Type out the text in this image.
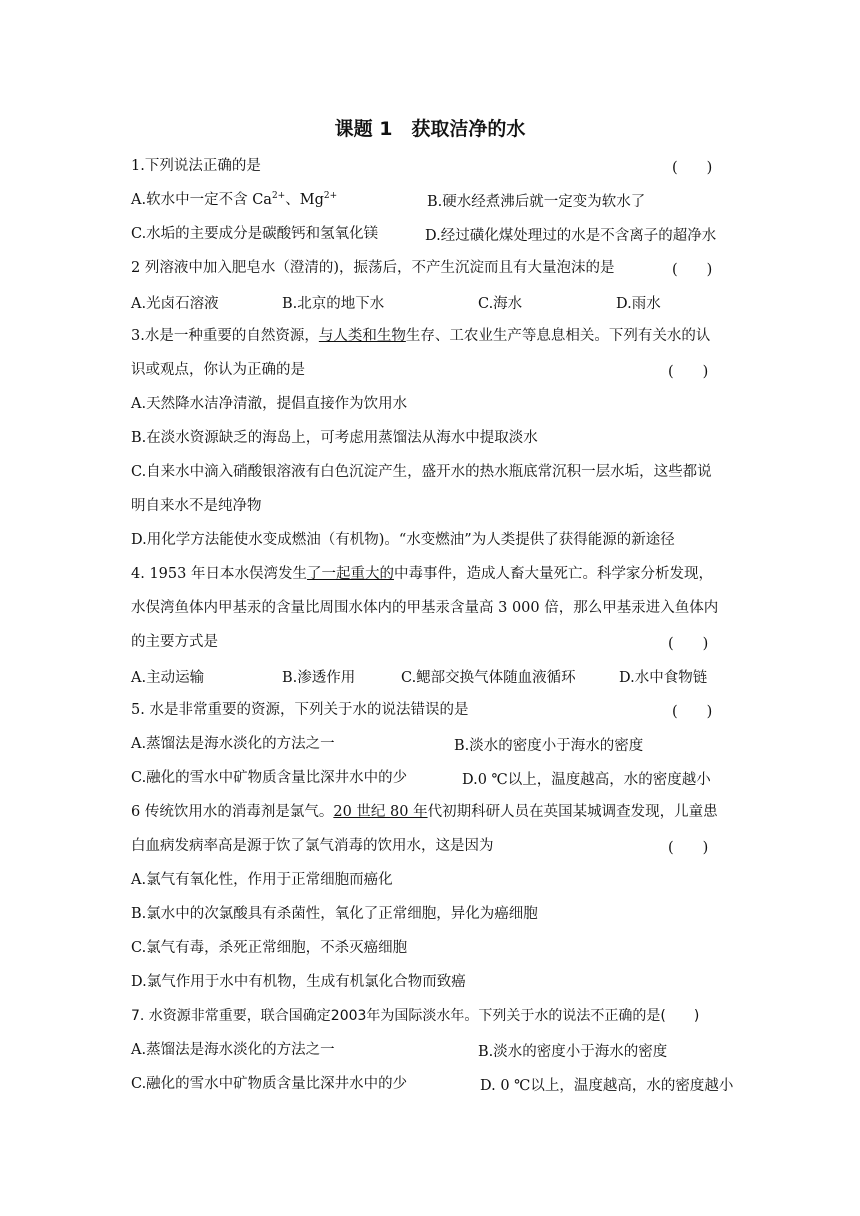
课题 1　获取洁净的水
1.下列说法正确的是	(　　)
A.软水中一定不含 $Ca^{2+}$、$Mg^{2+}$	B.硬水经煮沸后就一定变为软水了
C.水垢的主要成分是碳酸钙和氢氧化镁	D.经过磺化煤处理过的水是不含离子的超净水
2 列溶液中加入肥皂水（澄清的)，振荡后，不产生沉淀而且有大量泡沫的是	(　　)
A.光卤石溶液	B.北京的地下水	C.海水	D.雨水
3.水是一种重要的自然资源，与人类和生物生存、工农业生产等息息相关。下列有关水的认
识或观点，你认为正确的是	(　　)
A.天然降水洁净清澈，提倡直接作为饮用水
B.在淡水资源缺乏的海岛上，可考虑用蒸馏法从海水中提取淡水
C.自来水中滴入硝酸银溶液有白色沉淀产生，盛开水的热水瓶底常沉积一层水垢，这些都说
明自来水不是纯净物
D.用化学方法能使水变成燃油（有机物)。“水变燃油”为人类提供了获得能源的新途径
4. 1953 年日本水俣湾发生了一起重大的中毒事件，造成人畜大量死亡。科学家分析发现，
水俣湾鱼体内甲基汞的含量比周围水体内的甲基汞含量高 3 000 倍，那么甲基汞进入鱼体内
的主要方式是	(　　)
A.主动运输	B.渗透作用	C.鳃部交换气体随血液循环	D.水中食物链
5. 水是非常重要的资源，下列关于水的说法错误的是	(　　)
A.蒸馏法是海水淡化的方法之一	B.淡水的密度小于海水的密度
C.融化的雪水中矿物质含量比深井水中的少	D.0 ℃以上，温度越高，水的密度越小
6 传统饮用水的消毒剂是氯气。20 世纪 80 年代初期科研人员在英国某城调查发现，儿童患
白血病发病率高是源于饮了氯气消毒的饮用水，这是因为	(　　)
A.氯气有氧化性，作用于正常细胞而癌化
B.氯水中的次氯酸具有杀菌性，氧化了正常细胞，异化为癌细胞
C.氯气有毒，杀死正常细胞，不杀灭癌细胞
D.氯气作用于水中有机物，生成有机氯化合物而致癌
7. 水资源非常重要，联合国确定2003年为国际淡水年。下列关于水的说法不正确的是(　　)
A.蒸馏法是海水淡化的方法之一	B.淡水的密度小于海水的密度
C.融化的雪水中矿物质含量比深井水中的少	D. 0 ℃以上，温度越高，水的密度越小
